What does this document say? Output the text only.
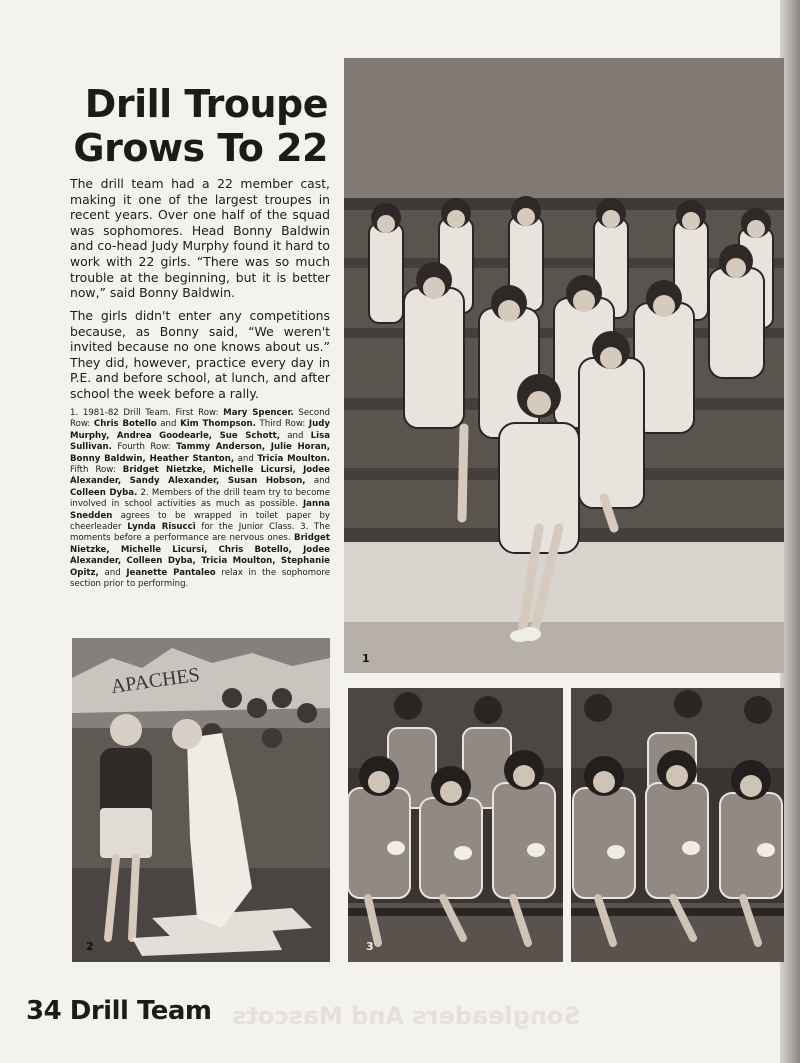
Drill Troupe
Grows To 22

The drill team had a 22 member cast, making it one of the largest troupes in recent years. Over one half of the squad was sophomores. Head Bonny Baldwin and co-head Judy Murphy found it hard to work with 22 girls. “There was so much trouble at the beginning, but it is better now,” said Bonny Baldwin.

The girls didn't enter any competitions because, as Bonny said, “We weren't invited because no one knows about us.” They did, however, practice every day in P.E. and before school, at lunch, and after school the week before a rally.

1. 1981-82 Drill Team. First Row: Mary Spencer. Second Row: Chris Botello and Kim Thompson. Third Row: Judy Murphy, Andrea Goodearle, Sue Schott, and Lisa Sullivan. Fourth Row: Tammy Anderson, Julie Horan, Bonny Baldwin, Heather Stanton, and Tricia Moulton. Fifth Row: Bridget Nietzke, Michelle Licursi, Jodee Alexander, Sandy Alexander, Susan Hobson, and Colleen Dyba. 2. Members of the drill team try to become involved in school activities as much as possible. Janna Snedden agrees to be wrapped in toilet paper by cheerleader Lynda Risucci for the Junior Class. 3. The moments before a performance are nervous ones. Bridget Nietzke, Michelle Licursi, Chris Botello, Jodee Alexander, Colleen Dyba, Tricia Moulton, Stephanie Opitz, and Jeanette Pantaleo relax in the sophomore section prior to performing.
1
APACHES
2	3
Songleaders And Mascots
34 Drill Team
